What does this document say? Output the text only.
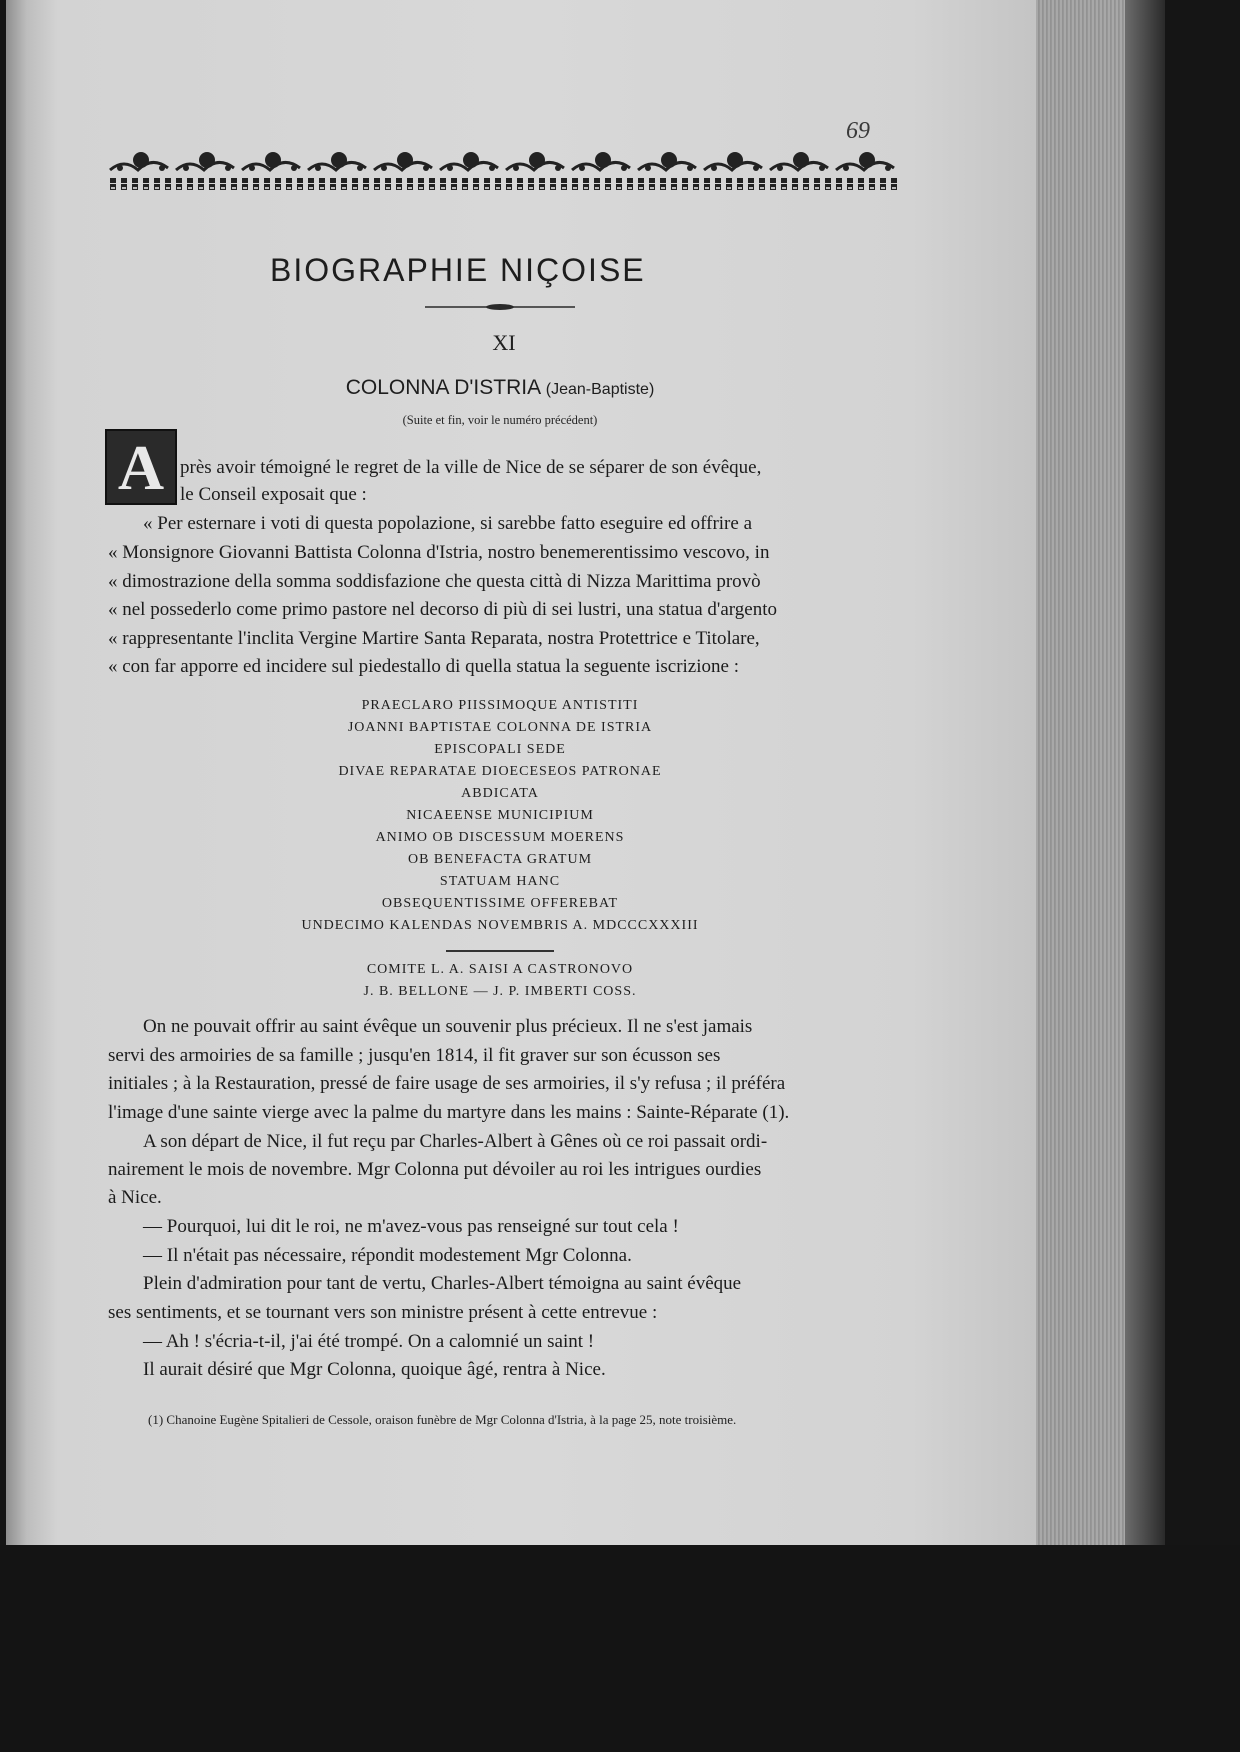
69
BIOGRAPHIE NIÇOISE
XI
COLONNA D'ISTRIA (Jean-Baptiste)
(Suite et fin, voir le numéro précédent)
A près avoir témoigné le regret de la ville de Nice de se séparer de son évêque,
le Conseil exposait que :
« Per esternare i voti di questa popolazione, si sarebbe fatto eseguire ed offrire a
« Monsignore Giovanni Battista Colonna d'Istria, nostro benemerentissimo vescovo, in
« dimostrazione della somma soddisfazione che questa città di Nizza Marittima provò
« nel possederlo come primo pastore nel decorso di più di sei lustri, una statua d'argento
« rappresentante l'inclita Vergine Martire Santa Reparata, nostra Protettrice e Titolare,
« con far apporre ed incidere sul piedestallo di quella statua la seguente iscrizione :
PRAECLARO PIISSIMOQUE ANTISTITI
JOANNI BAPTISTAE COLONNA DE ISTRIA
EPISCOPALI SEDE
DIVAE REPARATAE DIOECESEOS PATRONAE
ABDICATA
NICAEENSE MUNICIPIUM
ANIMO OB DISCESSUM MOERENS
OB BENEFACTA GRATUM
STATUAM HANC
OBSEQUENTISSIME OFFEREBAT
UNDECIMO KALENDAS NOVEMBRIS A. MDCCCXXXIII
COMITE L. A. SAISI A CASTRONOVO
J. B. BELLONE — J. P. IMBERTI COSS.
On ne pouvait offrir au saint évêque un souvenir plus précieux. Il ne s'est jamais
servi des armoiries de sa famille ; jusqu'en 1814, il fit graver sur son écusson ses
initiales ; à la Restauration, pressé de faire usage de ses armoiries, il s'y refusa ; il préféra
l'image d'une sainte vierge avec la palme du martyre dans les mains : Sainte-Réparate (1).
A son départ de Nice, il fut reçu par Charles-Albert à Gênes où ce roi passait ordi-
nairement le mois de novembre. Mgr Colonna put dévoiler au roi les intrigues ourdies
à Nice.
— Pourquoi, lui dit le roi, ne m'avez-vous pas renseigné sur tout cela !
— Il n'était pas nécessaire, répondit modestement Mgr Colonna.
Plein d'admiration pour tant de vertu, Charles-Albert témoigna au saint évêque
ses sentiments, et se tournant vers son ministre présent à cette entrevue :
— Ah ! s'écria-t-il, j'ai été trompé. On a calomnié un saint !
Il aurait désiré que Mgr Colonna, quoique âgé, rentra à Nice.
(1) Chanoine Eugène Spitalieri de Cessole, oraison funèbre de Mgr Colonna d'Istria, à la page 25, note troisième.
